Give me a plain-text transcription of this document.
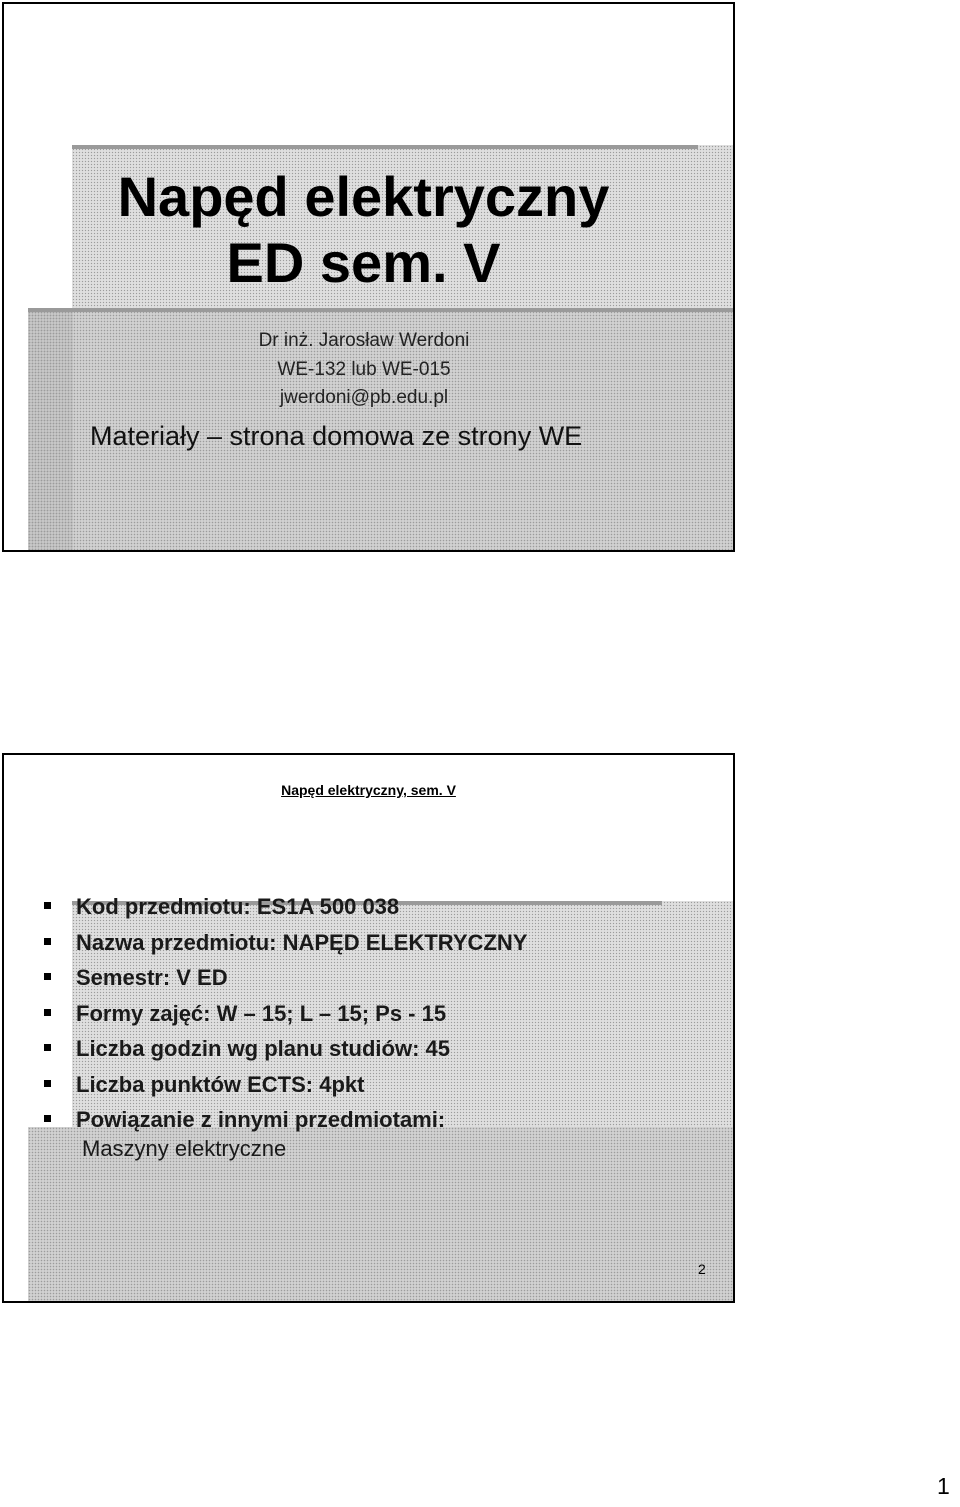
Napęd elektryczny
ED sem. V
Dr inż. Jarosław Werdoni
WE-132 lub WE-015
jwerdoni@pb.edu.pl
Materiały – strona domowa ze strony WE
Napęd elektryczny, sem. V
Kod przedmiotu: ES1A 500 038
Nazwa przedmiotu: NAPĘD ELEKTRYCZNY
Semestr: V ED
Formy zajęć: W – 15; L – 15; Ps - 15
Liczba godzin wg planu studiów: 45
Liczba punktów ECTS: 4pkt
Powiązanie z innymi przedmiotami:
Maszyny elektryczne
2
1
